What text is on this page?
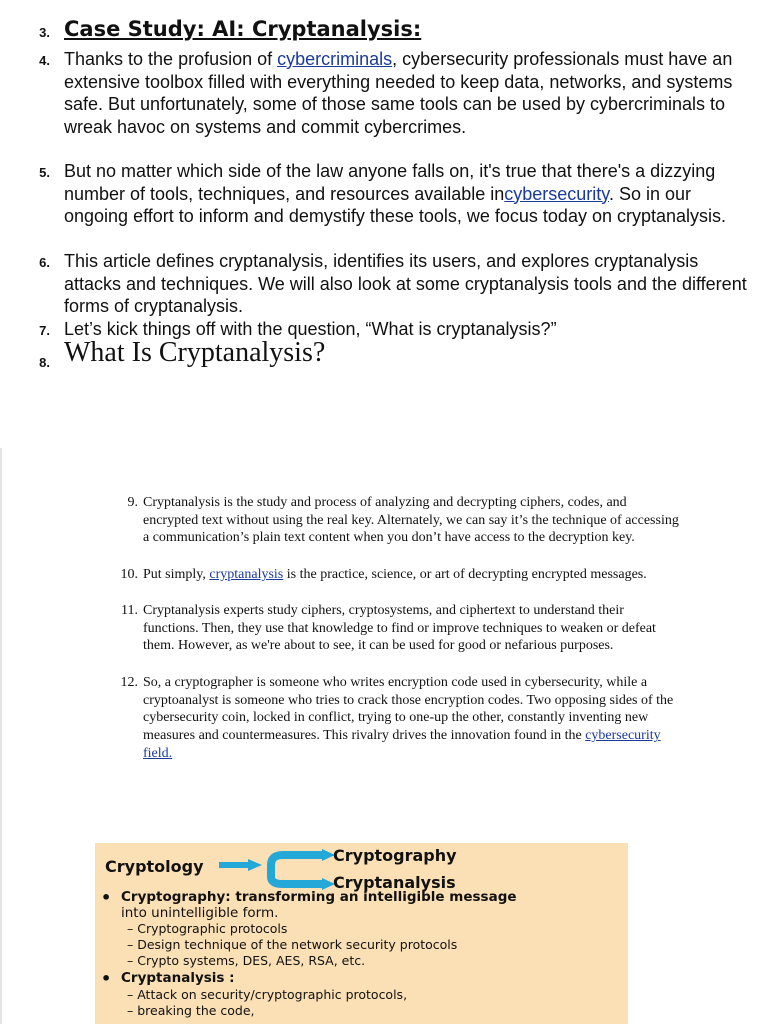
3. Case Study: AI: Cryptanalysis:
4. Thanks to the profusion of cybercriminals, cybersecurity professionals must have an extensive toolbox filled with everything needed to keep data, networks, and systems safe. But unfortunately, some of those same tools can be used by cybercriminals to wreak havoc on systems and commit cybercrimes.
5. But no matter which side of the law anyone falls on, it's true that there's a dizzying number of tools, techniques, and resources available incybersecurity. So in our ongoing effort to inform and demystify these tools, we focus today on cryptanalysis.
6. This article defines cryptanalysis, identifies its users, and explores cryptanalysis attacks and techniques. We will also look at some cryptanalysis tools and the different forms of cryptanalysis.
7. Let’s kick things off with the question, “What is cryptanalysis?”
8. What Is Cryptanalysis?
9. Cryptanalysis is the study and process of analyzing and decrypting ciphers, codes, and encrypted text without using the real key. Alternately, we can say it’s the technique of accessing a communication’s plain text content when you don’t have access to the decryption key.
10. Put simply, cryptanalysis is the practice, science, or art of decrypting encrypted messages.
11. Cryptanalysis experts study ciphers, cryptosystems, and ciphertext to understand their functions. Then, they use that knowledge to find or improve techniques to weaken or defeat them. However, as we're about to see, it can be used for good or nefarious purposes.
12. So, a cryptographer is someone who writes encryption code used in cybersecurity, while a cryptoanalyst is someone who tries to crack those encryption codes. Two opposing sides of the cybersecurity coin, locked in conflict, trying to one-up the other, constantly inventing new measures and countermeasures. This rivalry drives the innovation found in the cybersecurity field.
Cryptology
Cryptography
Cryptanalysis
• Cryptography: transforming an intelligible message
into unintelligible form.
– Cryptographic protocols
– Design technique of the network security protocols
– Crypto systems, DES, AES, RSA, etc.
• Cryptanalysis :
– Attack on security/cryptographic protocols,
– breaking the code,
